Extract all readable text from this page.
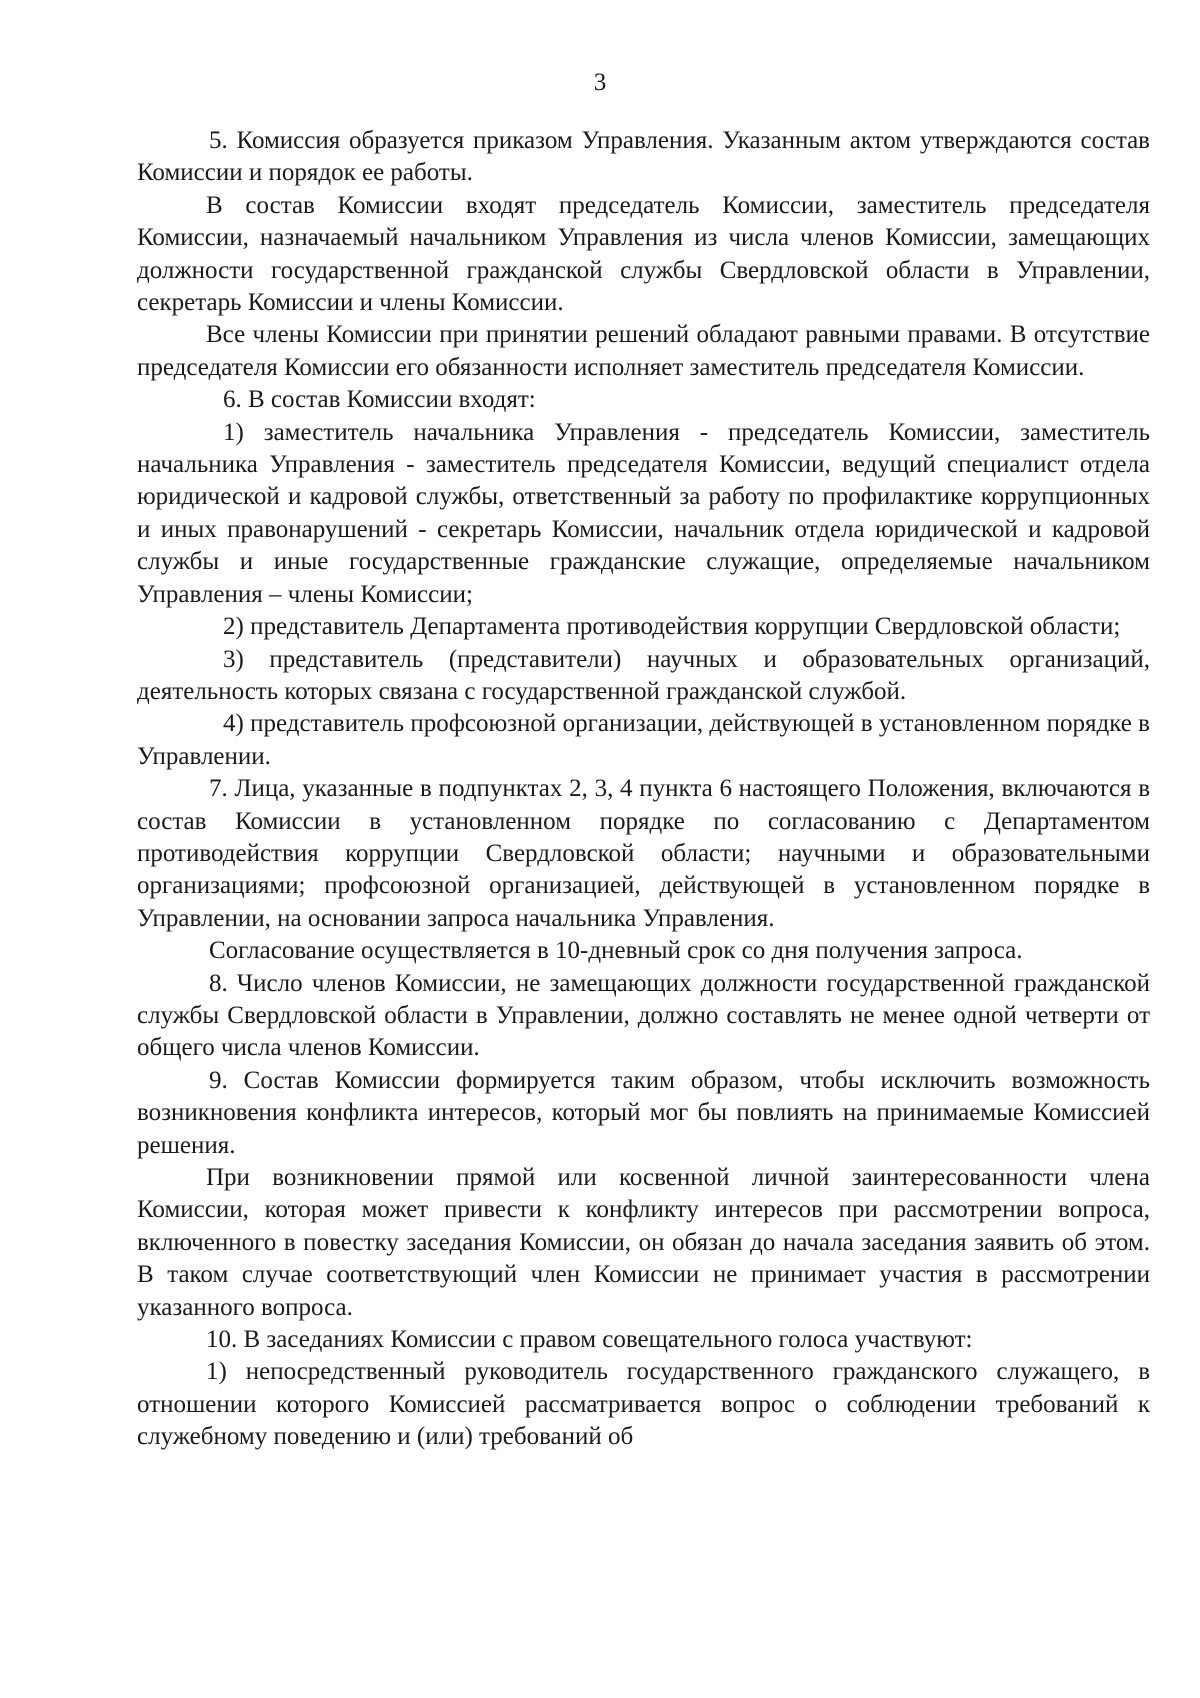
3

5. Комиссия образуется приказом Управления. Указанным актом утверждаются состав Комиссии и порядок ее работы.

В состав Комиссии входят председатель Комиссии, заместитель председателя Комиссии, назначаемый начальником Управления из числа членов Комиссии, замещающих должности государственной гражданской службы Свердловской области в Управлении, секретарь Комиссии и члены Комиссии.

Все члены Комиссии при принятии решений обладают равными правами. В отсутствие председателя Комиссии его обязанности исполняет заместитель председателя Комиссии.

6. В состав Комиссии входят:

1) заместитель начальника Управления - председатель Комиссии, заместитель начальника Управления - заместитель председателя Комиссии, ведущий специалист отдела юридической и кадровой службы, ответственный за работу по профилактике коррупционных и иных правонарушений - секретарь Комиссии, начальник отдела юридической и кадровой службы и иные государственные гражданские служащие, определяемые начальником Управления – члены Комиссии;

2) представитель Департамента противодействия коррупции Свердловской области;

3) представитель (представители) научных и образовательных организаций, деятельность которых связана с государственной гражданской службой.

4) представитель профсоюзной организации, действующей в установленном порядке в Управлении.

7. Лица, указанные в подпунктах 2, 3, 4 пункта 6 настоящего Положения, включаются в состав Комиссии в установленном порядке по согласованию с Департаментом противодействия коррупции Свердловской области; научными и образовательными организациями; профсоюзной организацией, действующей в установленном порядке в Управлении, на основании запроса начальника Управления.

Согласование осуществляется в 10-дневный срок со дня получения запроса.

8. Число членов Комиссии, не замещающих должности государственной гражданской службы Свердловской области в Управлении, должно составлять не менее одной четверти от общего числа членов Комиссии.

9. Состав Комиссии формируется таким образом, чтобы исключить возможность возникновения конфликта интересов, который мог бы повлиять на принимаемые Комиссией решения.

При возникновении прямой или косвенной личной заинтересованности члена Комиссии, которая может привести к конфликту интересов при рассмотрении вопроса, включенного в повестку заседания Комиссии, он обязан до начала заседания заявить об этом. В таком случае соответствующий член Комиссии не принимает участия в рассмотрении указанного вопроса.

10. В заседаниях Комиссии с правом совещательного голоса участвуют:

1) непосредственный руководитель государственного гражданского служащего, в отношении которого Комиссией рассматривается вопрос о соблюдении требований к служебному поведению и (или) требований об
